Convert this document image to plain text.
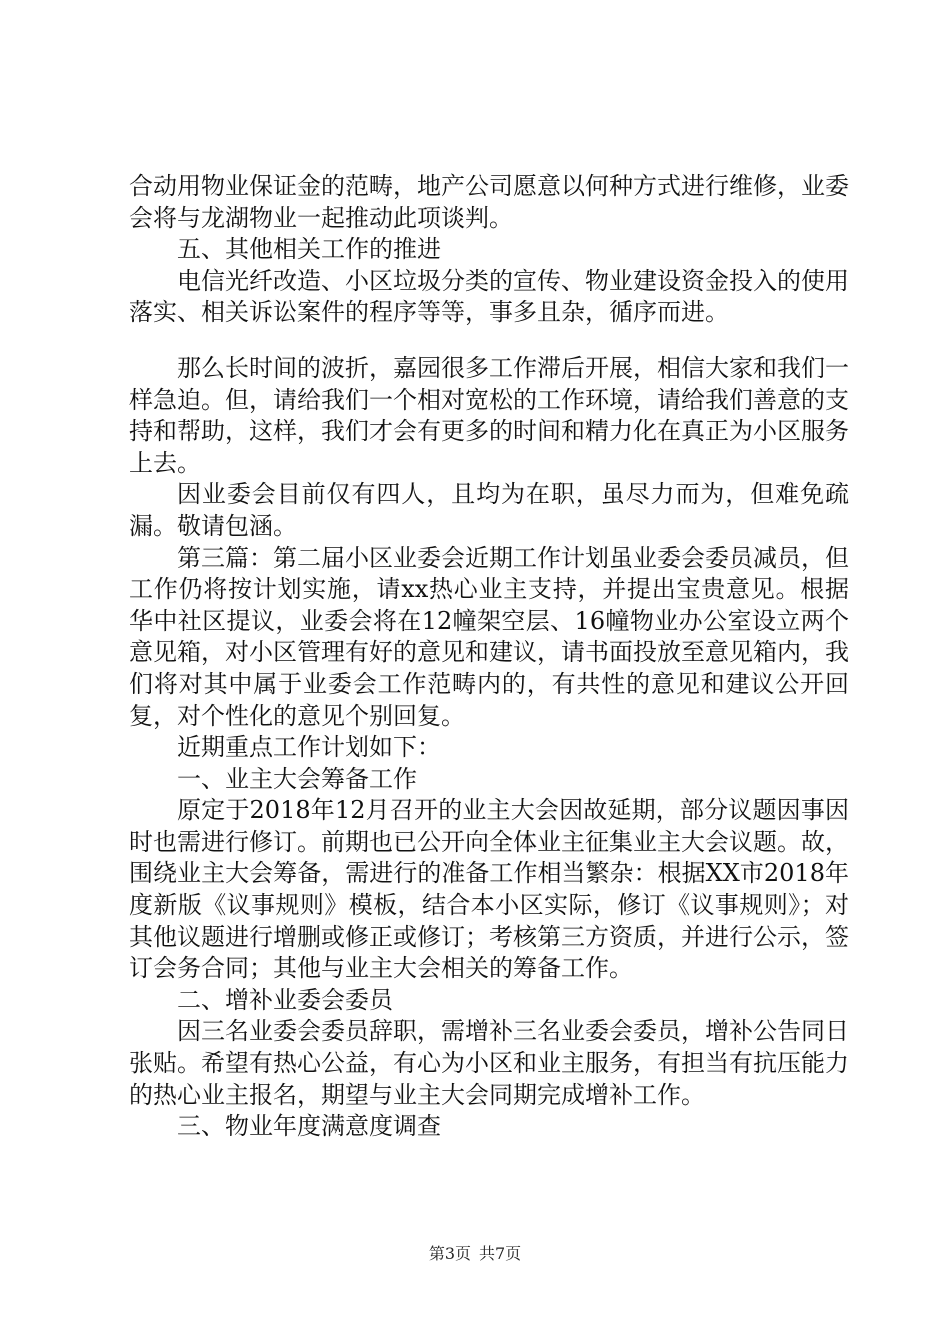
合动用物业保证金的范畴，地产公司愿意以何种方式进行维修，业委会将与龙湖物业一起推动此项谈判。

五、其他相关工作的推进

电信光纤改造、小区垃圾分类的宣传、物业建设资金投入的使用落实、相关诉讼案件的程序等等，事多且杂，循序而进。

那么长时间的波折，嘉园很多工作滞后开展，相信大家和我们一样急迫。但，请给我们一个相对宽松的工作环境，请给我们善意的支持和帮助，这样，我们才会有更多的时间和精力化在真正为小区服务上去。

因业委会目前仅有四人，且均为在职，虽尽力而为，但难免疏漏。敬请包涵。

第三篇：第二届小区业委会近期工作计划虽业委会委员减员，但工作仍将按计划实施，请xx热心业主支持，并提出宝贵意见。根据华中社区提议，业委会将在12幢架空层、16幢物业办公室设立两个意见箱，对小区管理有好的意见和建议，请书面投放至意见箱内，我们将对其中属于业委会工作范畴内的，有共性的意见和建议公开回复，对个性化的意见个别回复。

近期重点工作计划如下：

一、业主大会筹备工作

原定于2018年12月召开的业主大会因故延期，部分议题因事因时也需进行修订。前期也已公开向全体业主征集业主大会议题。故，围绕业主大会筹备，需进行的准备工作相当繁杂：根据XX市2018年度新版《议事规则》模板，结合本小区实际，修订《议事规则》；对其他议题进行增删或修正或修订；考核第三方资质，并进行公示，签订会务合同；其他与业主大会相关的筹备工作。

二、增补业委会委员

因三名业委会委员辞职，需增补三名业委会委员，增补公告同日张贴。希望有热心公益，有心为小区和业主服务，有担当有抗压能力的热心业主报名，期望与业主大会同期完成增补工作。

三、物业年度满意度调查

第3页 共7页
